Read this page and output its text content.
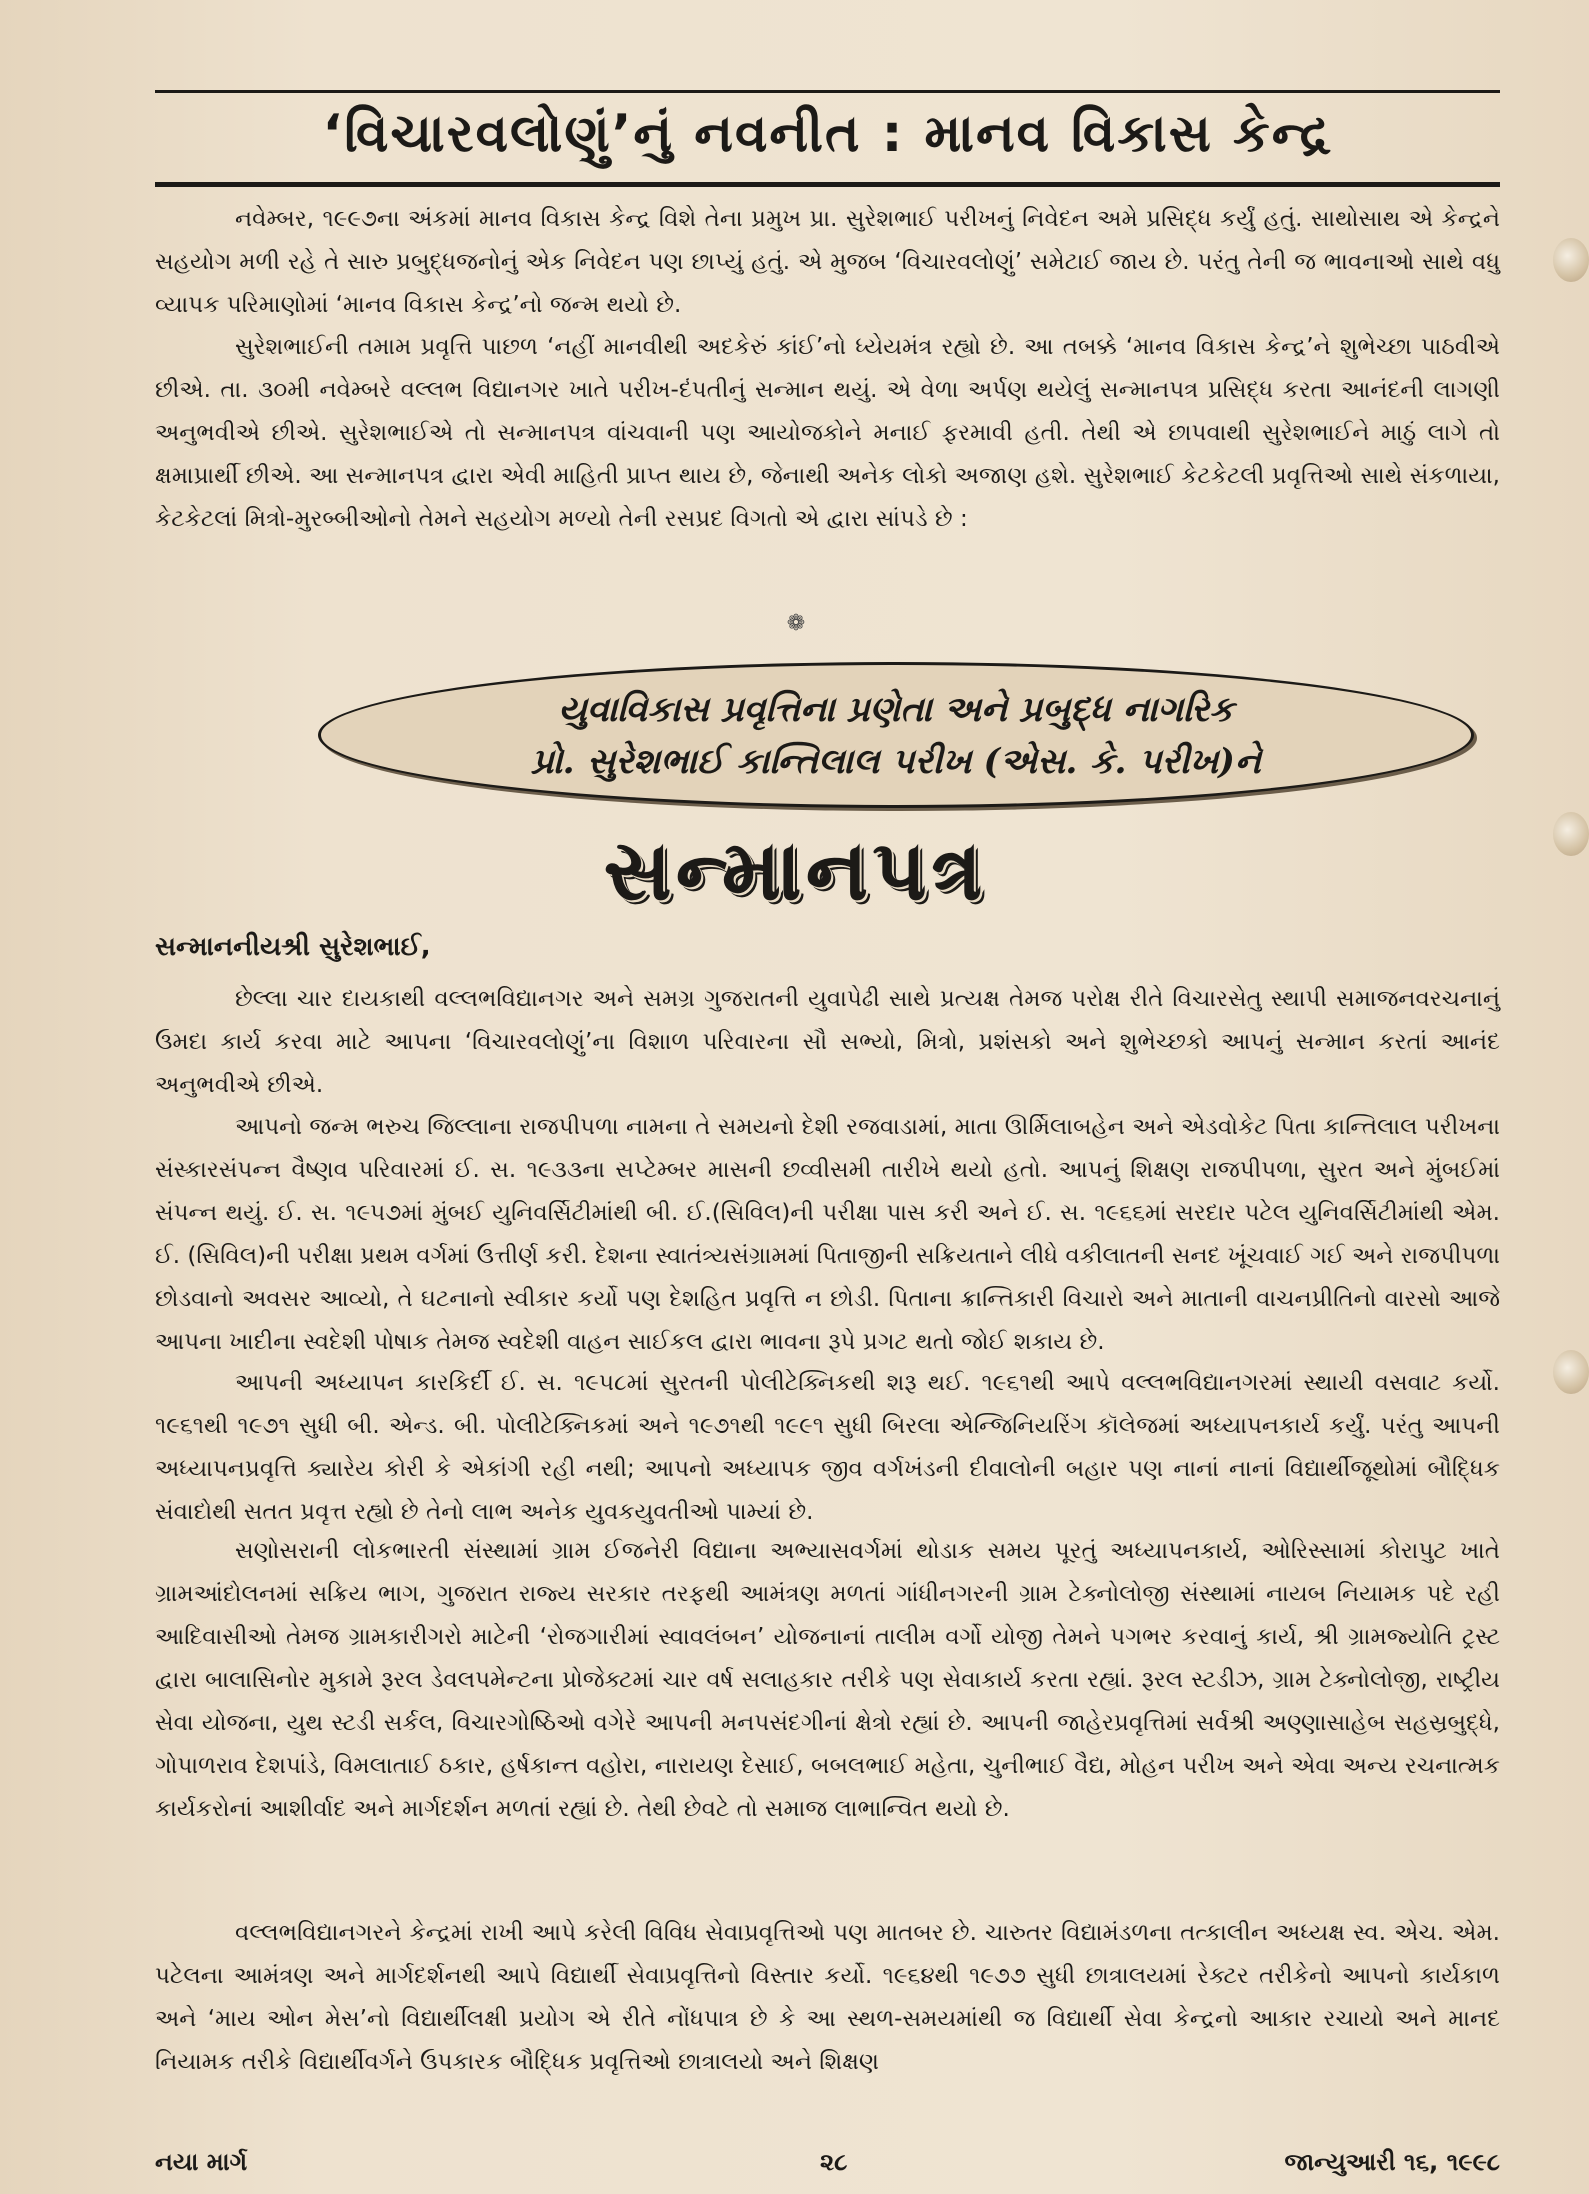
‘વિચારવલોણું’નું નવનીત : માનવ વિકાસ કેન્દ્ર

નવેમ્બર, ૧૯૯૭ના અંકમાં માનવ વિકાસ કેન્દ્ર વિશે તેના પ્રમુખ પ્રા. સુરેશભાઈ પરીખનું નિવેદન અમે પ્રસિદ્ધ કર્યું હતું. સાથોસાથ એ કેન્દ્રને સહયોગ મળી રહે તે સારુ પ્રબુદ્ધજનોનું એક નિવેદન પણ છાપ્યું હતું. એ મુજબ ‘વિચારવલોણું’ સમેટાઈ જાય છે. પરંતુ તેની જ ભાવનાઓ સાથે વધુ વ્યાપક પરિમાણોમાં ‘માનવ વિકાસ કેન્દ્ર’નો જન્મ થયો છે.

સુરેશભાઈની તમામ પ્રવૃત્તિ પાછળ ‘નહીં માનવીથી અદકેરું કાંઈ’નો ધ્યેયમંત્ર રહ્યો છે. આ તબક્કે ‘માનવ વિકાસ કેન્દ્ર’ને શુભેચ્છા પાઠવીએ છીએ. તા. ૩૦મી નવેમ્બરે વલ્લભ વિદ્યાનગર ખાતે પરીખ-દંપતીનું સન્માન થયું. એ વેળા અર્પણ થયેલું સન્માનપત્ર પ્રસિદ્ધ કરતા આનંદની લાગણી અનુભવીએ છીએ. સુરેશભાઈએ તો સન્માનપત્ર વાંચવાની પણ આયોજકોને મનાઈ ફરમાવી હતી. તેથી એ છાપવાથી સુરેશભાઈને માઠું લાગે તો ક્ષમાપ્રાર્થી છીએ. આ સન્માનપત્ર દ્વારા એવી માહિતી પ્રાપ્ત થાય છે, જેનાથી અનેક લોકો અજાણ હશે. સુરેશભાઈ કેટકેટલી પ્રવૃત્તિઓ સાથે સંકળાયા, કેટકેટલાં મિત્રો-મુરબ્બીઓનો તેમને સહયોગ મળ્યો તેની રસપ્રદ વિગતો એ દ્વારા સાંપડે છે :

❁
યુવાવિકાસ પ્રવૃત્તિના પ્રણેતા અને પ્રબુદ્ધ નાગરિક
પ્રો. સુરેશભાઈ કાન્તિલાલ પરીખ (એસ. કે. પરીખ)ને
સન્માનપત્ર
સન્માનનીયશ્રી સુરેશભાઈ,

છેલ્લા ચાર દાયકાથી વલ્લભવિદ્યાનગર અને સમગ્ર ગુજરાતની યુવાપેઢી સાથે પ્રત્યક્ષ તેમજ પરોક્ષ રીતે વિચારસેતુ સ્થાપી સમાજનવરચનાનું ઉમદા કાર્ય કરવા માટે આપના ‘વિચારવલોણું’ના વિશાળ પરિવારના સૌ સભ્યો, મિત્રો, પ્રશંસકો અને શુભેચ્છકો આપનું સન્માન કરતાં આનંદ અનુભવીએ છીએ.

આપનો જન્મ ભરુચ જિલ્લાના રાજપીપળા નામના તે સમયનો દેશી રજવાડામાં, માતા ઊર્મિલાબહેન અને એડવોકેટ પિતા કાન્તિલાલ પરીખના સંસ્કારસંપન્ન વૈષ્ણવ પરિવારમાં ઈ. સ. ૧૯૩૩ના સપ્ટેમ્બર માસની છવ્વીસમી તારીખે થયો હતો. આપનું શિક્ષણ રાજપીપળા, સુરત અને મુંબઈમાં સંપન્ન થયું. ઈ. સ. ૧૯૫૭માં મુંબઈ યુનિવર્સિટીમાંથી બી. ઈ.(સિવિલ)ની પરીક્ષા પાસ કરી અને ઈ. સ. ૧૯૬૬માં સરદાર પટેલ યુનિવર્સિટીમાંથી એમ. ઈ. (સિવિલ)ની પરીક્ષા પ્રથમ વર્ગમાં ઉત્તીર્ણ કરી. દેશના સ્વાતંત્ર્યસંગ્રામમાં પિતાજીની સક્રિયતાને લીધે વકીલાતની સનદ ખૂંચવાઈ ગઈ અને રાજપીપળા છોડવાનો અવસર આવ્યો, તે ઘટનાનો સ્વીકાર કર્યો પણ દેશહિત પ્રવૃત્તિ ન છોડી. પિતાના ક્રાન્તિકારી વિચારો અને માતાની વાચનપ્રીતિનો વારસો આજે આપના ખાદીના સ્વદેશી પોષાક તેમજ સ્વદેશી વાહન સાઈકલ દ્વારા ભાવના રૂપે પ્રગટ થતો જોઈ શકાય છે.

આપની અધ્યાપન કારકિર્દી ઈ. સ. ૧૯૫૮માં સુરતની પોલીટેક્નિકથી શરૂ થઈ. ૧૯૬૧થી આપે વલ્લભવિદ્યાનગરમાં સ્થાયી વસવાટ કર્યો. ૧૯૬૧થી ૧૯૭૧ સુધી બી. એન્ડ. બી. પોલીટેક્નિકમાં અને ૧૯૭૧થી ૧૯૯૧ સુધી બિરલા એન્જિનિયરિંગ કૉલેજમાં અધ્યાપનકાર્ય કર્યું. પરંતુ આપની અધ્યાપનપ્રવૃત્તિ ક્યારેય કોરી કે એકાંગી રહી નથી; આપનો અધ્યાપક જીવ વર્ગખંડની દીવાલોની બહાર પણ નાનાં નાનાં વિદ્યાર્થીજૂથોમાં બૌદ્ધિક સંવાદોથી સતત પ્રવૃત્ત રહ્યો છે તેનો લાભ અનેક યુવકયુવતીઓ પામ્યાં છે.

સણોસરાની લોકભારતી સંસ્થામાં ગ્રામ ઈજનેરી વિદ્યાના અભ્યાસવર્ગમાં થોડાક સમય પૂરતું અધ્યાપનકાર્ય, ઓરિસ્સામાં કોરાપુટ ખાતે ગ્રામઆંદોલનમાં સક્રિય ભાગ, ગુજરાત રાજ્ય સરકાર તરફથી આમંત્રણ મળતાં ગાંધીનગરની ગ્રામ ટેક્નોલોજી સંસ્થામાં નાયબ નિયામક પદે રહી આદિવાસીઓ તેમજ ગ્રામકારીગરો માટેની ‘રોજગારીમાં સ્વાવલંબન’ યોજનાનાં તાલીમ વર્ગો યોજી તેમને પગભર કરવાનું કાર્ય, શ્રી ગ્રામજ્યોતિ ટ્રસ્ટ દ્વારા બાલાસિનોર મુકામે રૂરલ ડેવલપમેન્ટના પ્રોજેક્ટમાં ચાર વર્ષ સલાહકાર તરીકે પણ સેવાકાર્ય કરતા રહ્યાં. રૂરલ સ્ટડીઝ, ગ્રામ ટેક્નોલોજી, રાષ્ટ્રીય સેવા યોજના, યુથ સ્ટડી સર્કલ, વિચારગોષ્ઠિઓ વગેરે આપની મનપસંદગીનાં ક્ષેત્રો રહ્યાં છે. આપની જાહેરપ્રવૃત્તિમાં સર્વશ્રી અણ્ણાસાહેબ સહસ્રબુદ્ધે, ગોપાળરાવ દેશપાંડે, વિમલાતાઈ ઠકાર, હર્ષકાન્ત વહોરા, નારાયણ દેસાઈ, બબલભાઈ મહેતા, ચુનીભાઈ વૈદ્ય, મોહન પરીખ અને એવા અન્ય રચનાત્મક કાર્યકરોનાં આશીર્વાદ અને માર્ગદર્શન મળતાં રહ્યાં છે. તેથી છેવટે તો સમાજ લાભાન્વિત થયો છે.

વલ્લભવિદ્યાનગરને કેન્દ્રમાં રાખી આપે કરેલી વિવિધ સેવાપ્રવૃત્તિઓ પણ માતબર છે. ચારુતર વિદ્યામંડળના તત્કાલીન અધ્યક્ષ સ્વ. એચ. એમ. પટેલના આમંત્રણ અને માર્ગદર્શનથી આપે વિદ્યાર્થી સેવાપ્રવૃત્તિનો વિસ્તાર કર્યો. ૧૯૬૪થી ૧૯૭૭ સુધી છાત્રાલયમાં રેક્ટર તરીકેનો આપનો કાર્યકાળ અને ‘માય ઓન મેસ’નો વિદ્યાર્થીલક્ષી પ્રયોગ એ રીતે નોંધપાત્ર છે કે આ સ્થળ-સમયમાંથી જ વિદ્યાર્થી સેવા કેન્દ્રનો આકાર રચાયો અને માનદ નિયામક તરીકે વિદ્યાર્થીવર્ગને ઉપકારક બૌદ્ધિક પ્રવૃત્તિઓ છાત્રાલયો અને શિક્ષણ

નયા માર્ગ	૨૮	જાન્યુઆરી ૧૬, ૧૯૯૮
